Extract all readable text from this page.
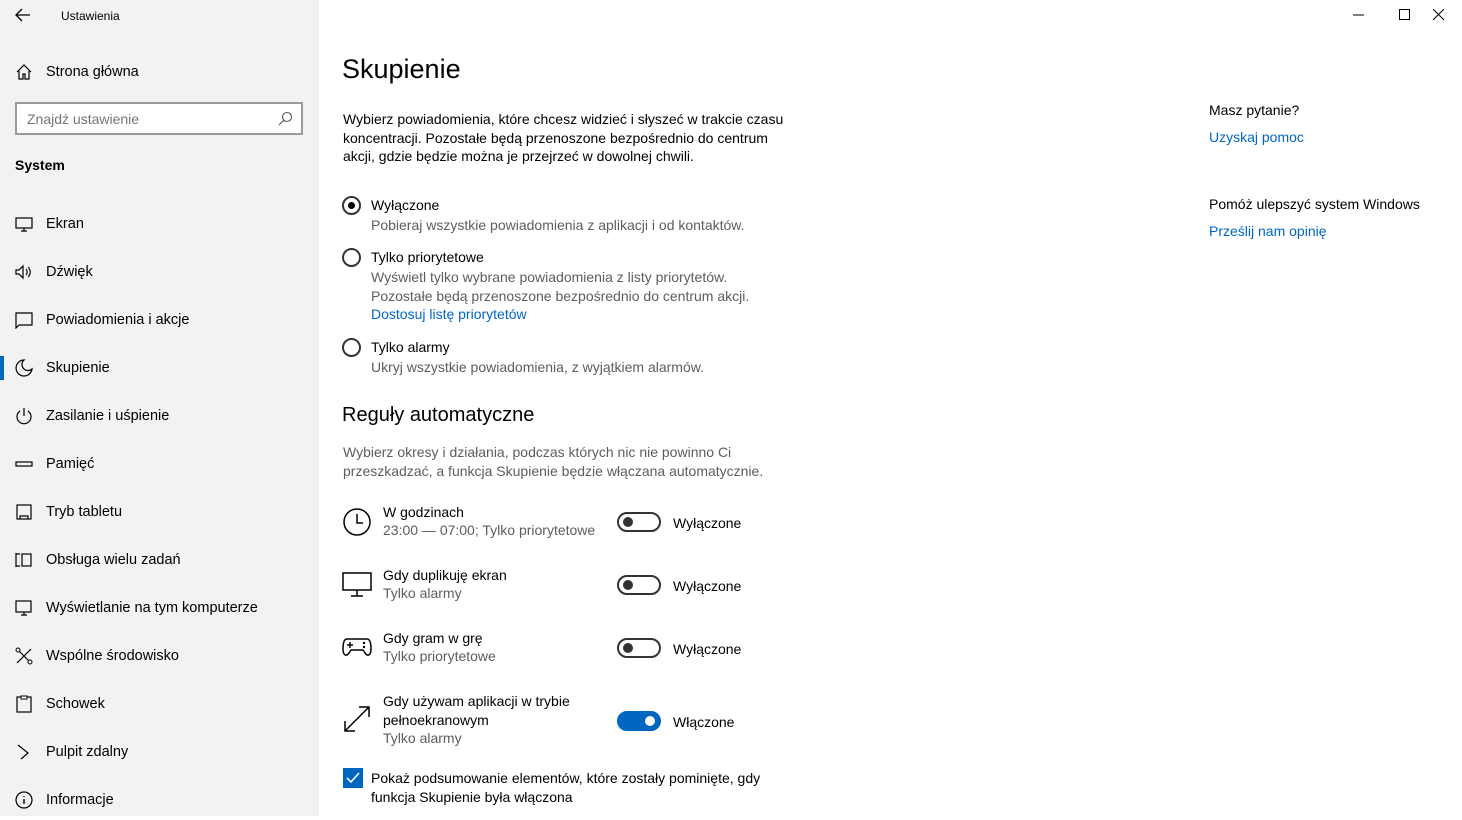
Ustawienia
Strona główna
Znajdź ustawienie
System
Ekran
Dźwięk
Powiadomienia i akcje
Skupienie
Zasilanie i uśpienie
Pamięć
Tryb tabletu
Obsługa wielu zadań
Wyświetlanie na tym komputerze
Wspólne środowisko
Schowek
Pulpit zdalny
Informacje
Skupienie
Wybierz powiadomienia, które chcesz widzieć i słyszeć w trakcie czasu koncentracji. Pozostałe będą przenoszone bezpośrednio do centrum akcji, gdzie będzie można je przejrzeć w dowolnej chwili.
Wyłączone
Pobieraj wszystkie powiadomienia z aplikacji i od kontaktów.
Tylko priorytetowe
Wyświetl tylko wybrane powiadomienia z listy priorytetów.
Pozostałe będą przenoszone bezpośrednio do centrum akcji.
Dostosuj listę priorytetów
Tylko alarmy
Ukryj wszystkie powiadomienia, z wyjątkiem alarmów.
Reguły automatyczne
Wybierz okresy i działania, podczas których nic nie powinno Ci przeszkadzać, a funkcja Skupienie będzie włączana automatycznie.
W godzinach
23:00 — 07:00; Tylko priorytetowe	Wyłączone
Gdy duplikuję ekran
Tylko alarmy	Wyłączone
Gdy gram w grę
Tylko priorytetowe	Wyłączone
Gdy używam aplikacji w trybie pełnoekranowym
Tylko alarmy
Włączone
Pokaż podsumowanie elementów, które zostały pominięte, gdy funkcja Skupienie była włączona
Masz pytanie?
Uzyskaj pomoc
Pomóż ulepszyć system Windows
Prześlij nam opinię
